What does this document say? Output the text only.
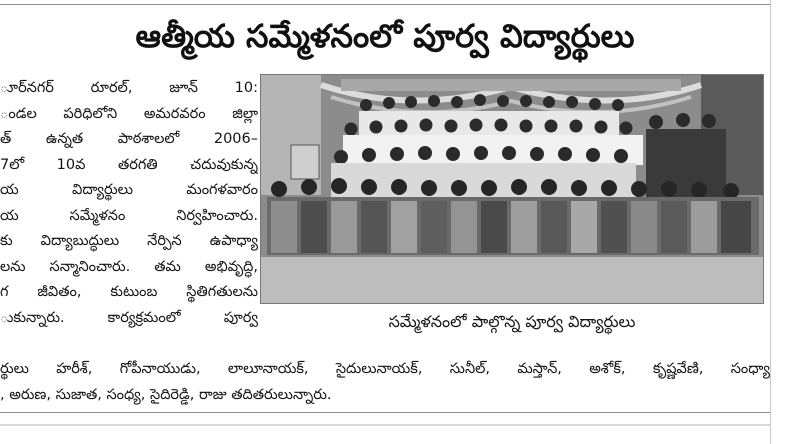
ఆత్మీయ సమ్మేళనంలో పూర్వ విద్యార్థులు
ూర్‌నగర్ రూరల్, జూన్ 10:
ండల పరిధిలోని అమరవరం జిల్లా
త్ ఉన్నత పాఠశాలలో 2006–
7లో 10వ తరగతి చదువుకున్న
య విద్యార్థులు మంగళవారం
య సమ్మేళనం నిర్వహించారు.
కు విద్యాబుద్ధులు నేర్పిన ఉపాధ్యా
లను సన్మానించారు. తమ అభివృద్ధి,
గ జీవితం, కుటుంబ స్థితిగతులను
ుకున్నారు. కార్యక్రమంలో పూర్వ	సమ్మేళనంలో పాల్గొన్న పూర్వ విద్యార్థులు
ర్థులు హరీశ్, గోపీనాయుడు, లాలూనాయక్, సైదులునాయక్, సునీల్, మస్తాన్, అశోక్, కృష్ణవేణి, సంధ్యా
, అరుణ, సుజాత, సంధ్య, సైదిరెడ్డి, రాజు తదితరులున్నారు.
